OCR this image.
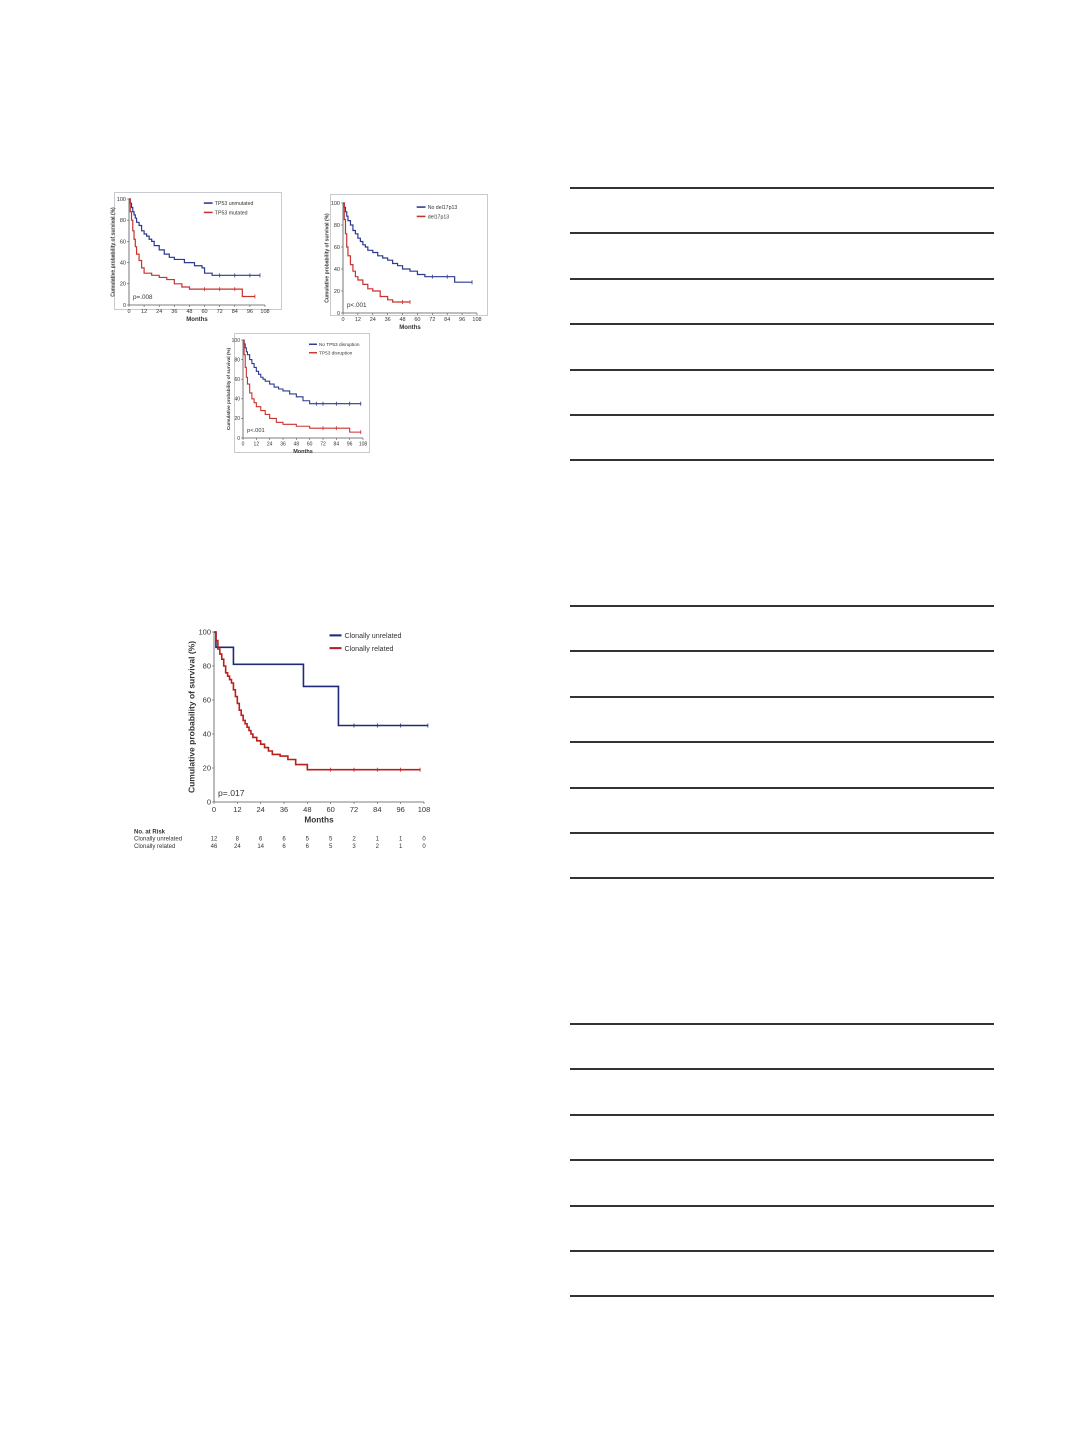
0 12 24 36 48 60 72 84 96 108
0
20
40
60
80
100
Months
Cumulative probability of survival (%)
p=.008
TP53 unmutated
TP53 mutated
0 12 24 36 48 60 72 84 96 108
0
20
40
60
80
100
Months
Cumulative probability of survival (%)
p<.001
No del17p13
del17p13
0 12 24 36 48 60 72 84 96 108
0
20
40
60
80
100
Months
Cumulative probability of survival (%)
p<.001
No TP53 disruption
TP53 disruption
0 12 24 36 48 60 72 84 96 108
0
20
40
60
80
100
Months
Cumulative probability of survival (%) p=.017
Clonally unrelated
Clonally related
No. at Risk
Clonally unrelated	12	8	6	6	5	5	2	1	1	0
Clonally related	46	24	14	6	6	5	3	2	1	0
